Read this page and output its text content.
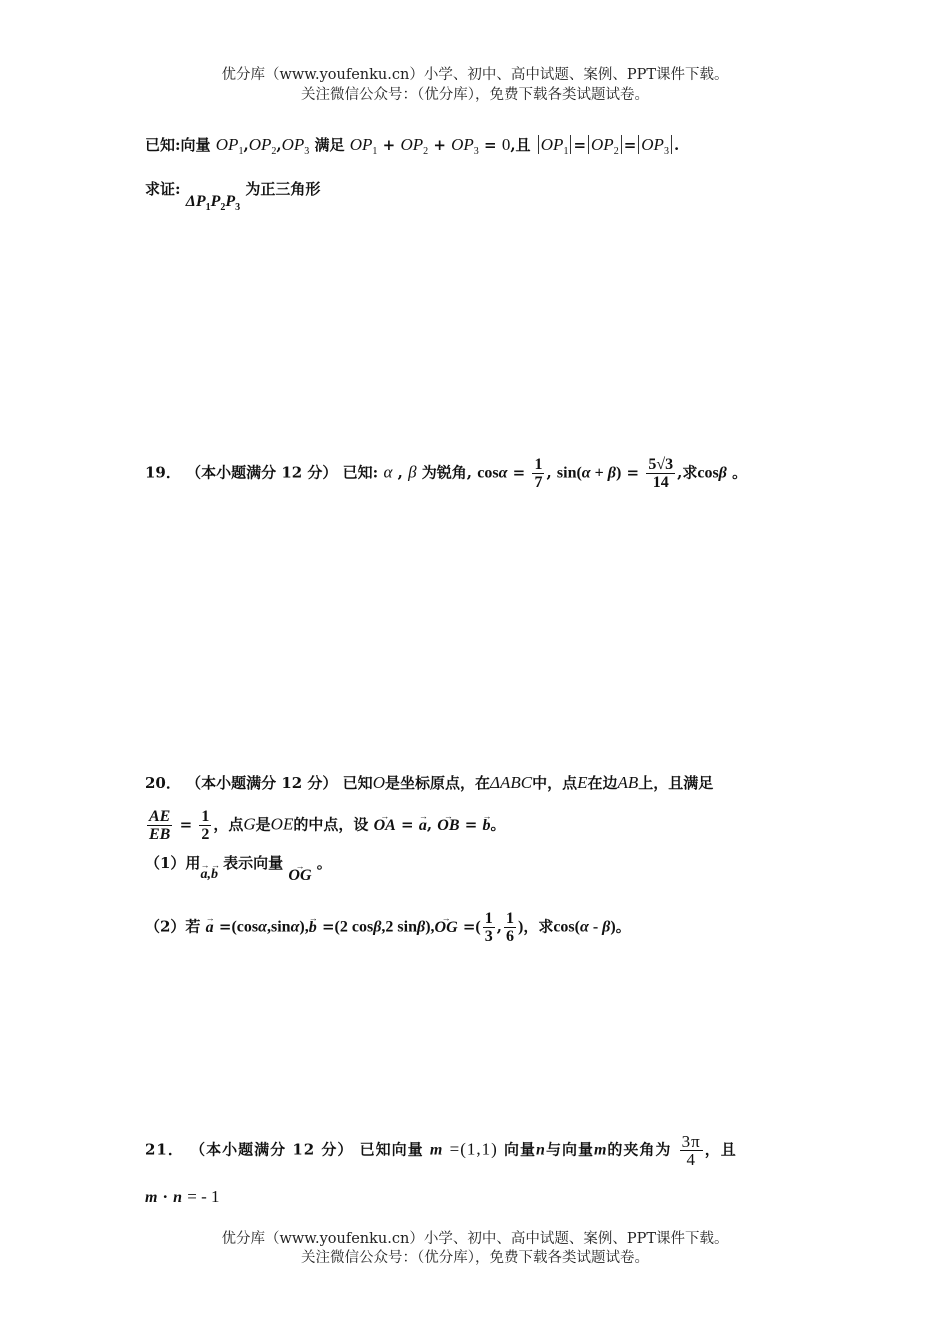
优分库（www.youfenku.cn）小学、初中、高中试题、案例、PPT课件下载。
关注微信公众号：（优分库），免费下载各类试题试卷。
已知:向量 $OP_1,OP_2,OP_3$ 满足 $OP_1 + OP_2 + OP_3 = 0$,且 $OP_1 = OP_2 = OP_3$ .
求证: $\Delta P_1P_2P_3$ 为正三角形
19． （本小题满分 12 分） 已知: α , β 为锐角, $\cos\alpha = \frac{1}{7}$ , $\sin(\alpha + \beta) = \frac{5√3}{14}$ ,求cosβ 。
20． （本小题满分 12 分） 已知O是坐标原点，在ΔABC中，点E在边AB上，且满足
$\frac{AE}{EB} = \frac{1}{2}$ ，点G是OE的中点，设 → OA = → a, → OB = → b。
（1）用→ a,→ b 表示向量 → OG 。
（2）若 → a =(cosα,sinα),→ b =(2 cosβ,2 sinβ),→ OG =( $\frac{1}{3}$ , $\frac{1}{6}$ )，求cos(α - β)。
21． （本小题满分 12 分） 已知向量 m =(1,1) 向量n与向量m的夹角为 $\frac{3\pi}{4}$ ，且
m · n = - 1
优分库（www.youfenku.cn）小学、初中、高中试题、案例、PPT课件下载。
关注微信公众号：（优分库），免费下载各类试题试卷。
